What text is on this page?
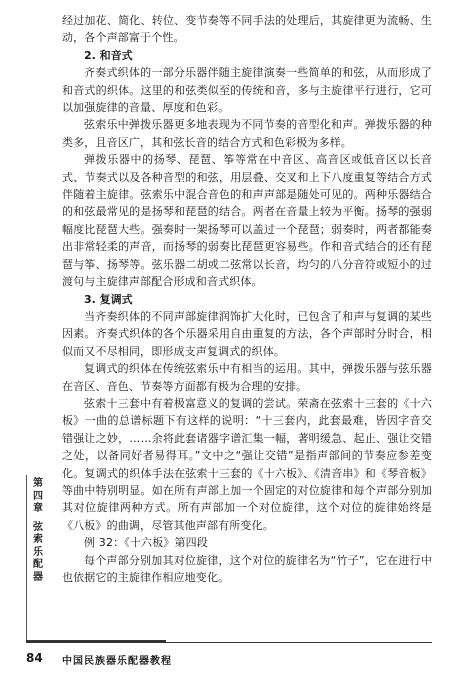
经过加花、简化、转位、变节奏等不同手法的处理后，其旋律更为流畅、生动，各个声部富于个性。

2. 和音式

齐奏式织体的一部分乐器伴随主旋律演奏一些简单的和弦，从而形成了和音式的织体。这里的和弦类似至的传统和音，多与主旋律平行进行，它可以加强旋律的音量、厚度和色彩。

弦索乐中弹拨乐器更多地表现为不同节奏的音型化和声。弹拨乐器的种类多，且音区广，其和弦长音的结合方式和色彩极为多样。

弹拨乐器中的扬琴、琵琶、筝等常在中音区、高音区或低音区以长音式、节奏式以及各种音型的和弦，用层叠、交叉和上下八度重复等结合方式伴随着主旋律。弦索乐中混合音色的和声声部是随处可见的。两种乐器结合的和弦最常见的是扬琴和琵琶的结合。两者在音量上较为平衡。扬琴的强弱幅度比琵琶大些。强奏时一架扬琴可以盖过一个琵琶；弱奏时，两者都能奏出非常轻柔的声音，而扬琴的弱奏比琵琶更容易些。作和音式结合的还有琵琶与筝、扬琴等。弦乐器二胡或二弦常以长音，均匀的八分音符或短小的过渡句与主旋律声部配合形成和音式织体。

3. 复调式

当齐奏织体的不同声部旋律润饰扩大化时，已包含了和声与复调的某些因素。齐奏式织体的各个乐器采用自由重复的方法，各个声部时分时合，相似而又不尽相同，即形成支声复调式的织体。

复调式的织体在传统弦索乐中有相当的运用。其中，弹拨乐器与弦乐器在音区、音色、节奏等方面都有极为合理的安排。

弦索十三套中有着极富意义的复调的尝试。荣斋在弦索十三套的《十六板》一曲的总谱标题下有这样的说明：“十三套内，此套最难，皆因字音交错强让之妙，……余将此套诸器字谱汇集一幅，著明缓急、起止、强让交错之处，以备同好者易得耳。”文中之“强让交错”是指声部间的节奏应参差变化。复调式的织体手法在弦索十三套的《十六板》、《清音串》和《琴音板》等曲中特别明显。如在所有声部上加一个固定的对位旋律和每个声部分别加其对位旋律两种方式。所有声部加一个对位旋律，这个对位的旋律始终是《八板》的曲调，尽管其他声部有所变化。

例 32：《十六板》第四段

每个声部分别加其对位旋律，这个对位的旋律名为“竹子”，它在进行中也依据它的主旋律作相应地变化。

第
四
章
弦
索
乐
配
器
84 中国民族器乐配器教程
